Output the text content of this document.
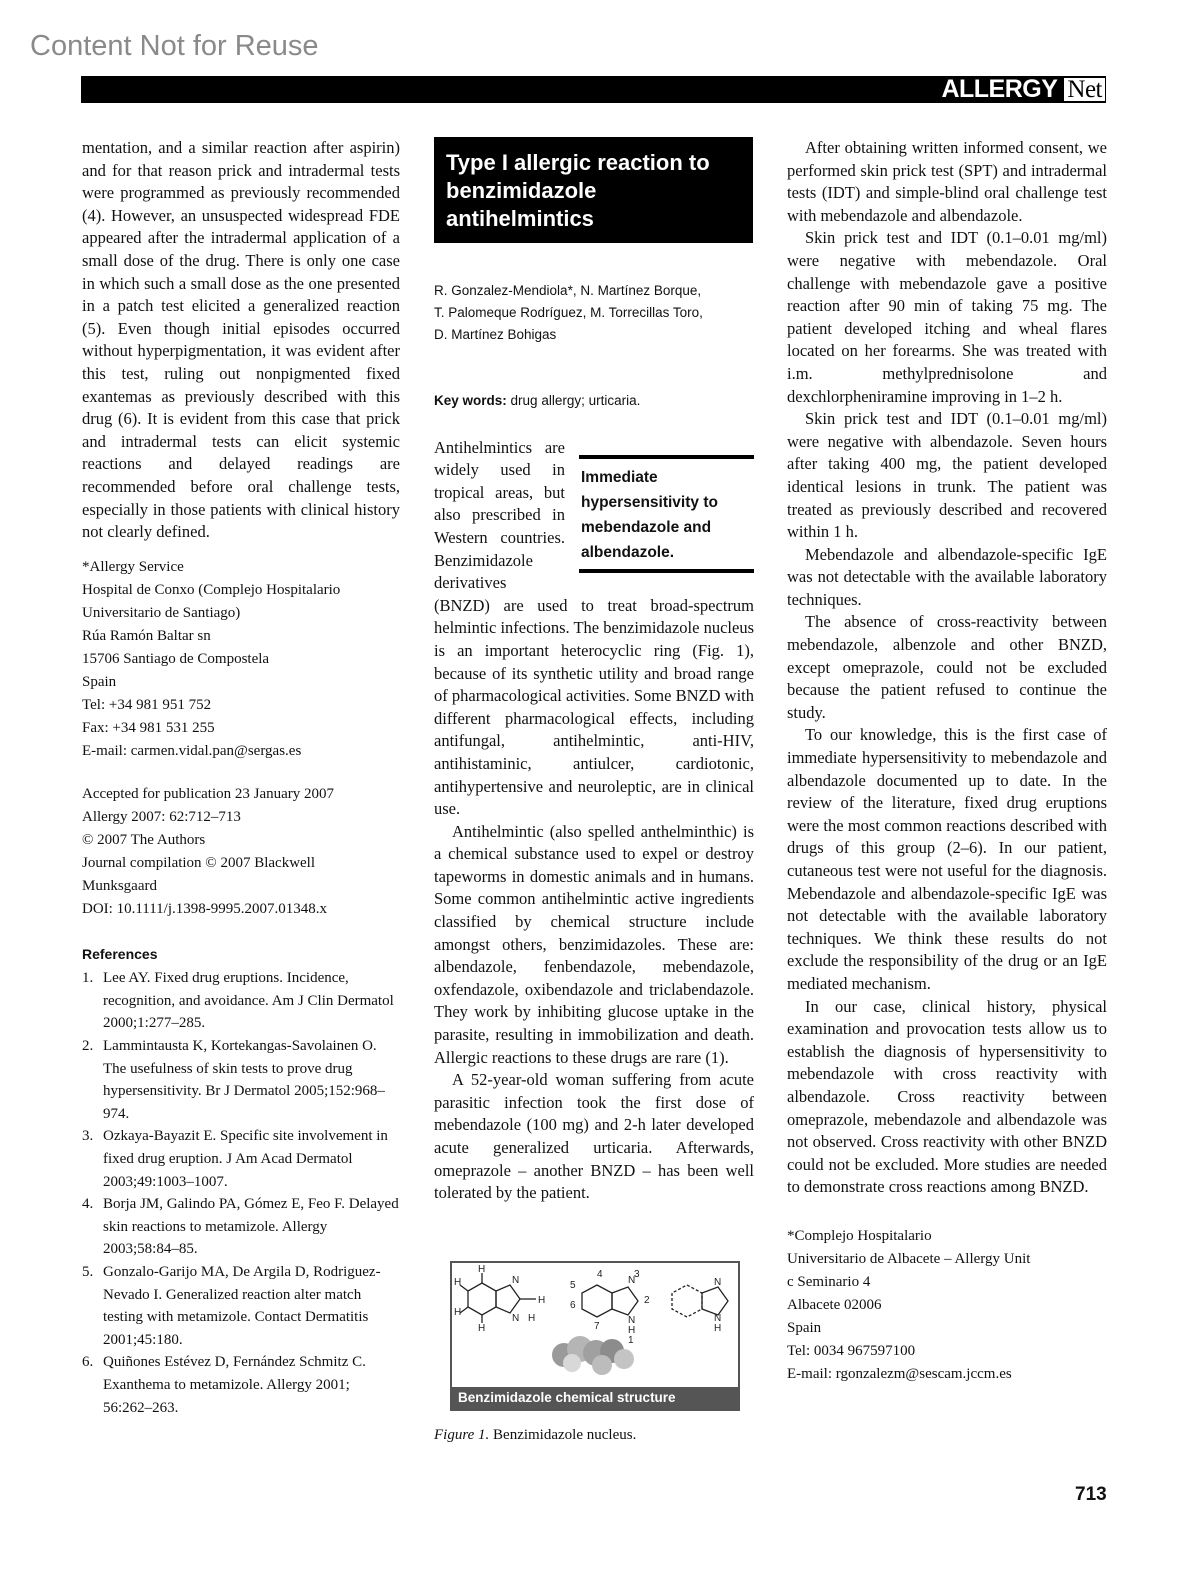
Content Not for Reuse
ALLERGY Net

mentation, and a similar reaction after aspirin) and for that reason prick and intradermal tests were programmed as previously recommended (4). However, an unsuspected widespread FDE appeared after the intradermal application of a small dose of the drug. There is only one case in which such a small dose as the one presented in a patch test elicited a generalized reaction (5). Even though initial episodes occurred without hyperpigmentation, it was evident after this test, ruling out nonpigmented fixed exantemas as previously described with this drug (6). It is evident from this case that prick and intradermal tests can elicit systemic reactions and delayed readings are recommended before oral challenge tests, especially in those patients with clinical history not clearly defined.

*Allergy Service
Hospital de Conxo (Complejo Hospitalario
Universitario de Santiago)
Rúa Ramón Baltar sn
15706 Santiago de Compostela
Spain
Tel: +34 981 951 752
Fax: +34 981 531 255
E-mail: carmen.vidal.pan@sergas.es
Accepted for publication 23 January 2007
Allergy 2007: 62:712–713
© 2007 The Authors
Journal compilation © 2007 Blackwell
Munksgaard
DOI: 10.1111/j.1398-9995.2007.01348.x
References
1. Lee AY. Fixed drug eruptions. Incidence, recognition, and avoidance. Am J Clin Dermatol 2000;1:277–285.
2. Lammintausta K, Kortekangas-Savolainen O. The usefulness of skin tests to prove drug hypersensitivity. Br J Dermatol 2005;152:968–974.
3. Ozkaya-Bayazit E. Specific site involvement in fixed drug eruption. J Am Acad Dermatol 2003;49:1003–1007.
4. Borja JM, Galindo PA, Gómez E, Feo F. Delayed skin reactions to metamizole. Allergy 2003;58:84–85.
5. Gonzalo-Garijo MA, De Argila D, Rodriguez-Nevado I. Generalized reaction alter match testing with metamizole. Contact Dermatitis 2001;45:180.
6. Quiñones Estévez D, Fernández Schmitz C. Exanthema to metamizole. Allergy 2001; 56:262–263.
Type I allergic reaction to benzimidazole antihelmintics
R. Gonzalez-Mendiola*, N. Martínez Borque,
T. Palomeque Rodríguez, M. Torrecillas Toro,
D. Martínez Bohigas
Key words: drug allergy; urticaria.
Immediate hypersensitivity to mebendazole and albendazole.

Antihelmintics are widely used in tropical areas, but also prescribed in Western countries. Benzimidazole derivatives (BNZD) are used to treat broad-spectrum helmintic infections. The benzimidazole nucleus is an important heterocyclic ring (Fig. 1), because of its synthetic utility and broad range of pharmacological activities. Some BNZD with different pharmacological effects, including antifungal, antihelmintic, anti-HIV, antihistaminic, antiulcer, cardiotonic, antihypertensive and neuroleptic, are in clinical use.

Antihelmintic (also spelled anthelminthic) is a chemical substance used to expel or destroy tapeworms in domestic animals and in humans. Some common antihelmintic active ingredients classified by chemical structure include amongst others, benzimidazoles. These are: albendazole, fenbendazole, mebendazole, oxfendazole, oxibendazole and triclabendazole. They work by inhibiting glucose uptake in the parasite, resulting in immobilization and death. Allergic reactions to these drugs are rare (1).

A 52-year-old woman suffering from acute parasitic infection took the first dose of mebendazole (100 mg) and 2-h later developed acute generalized urticaria. Afterwards, omeprazole – another BNZD – has been well tolerated by the patient.

H
H
H
H
N
N
H
H
4	3
5
6
7
N
2
N
H
1
N
N
H
Benzimidazole chemical structure
Figure 1. Benzimidazole nucleus.

After obtaining written informed consent, we performed skin prick test (SPT) and intradermal tests (IDT) and simple-blind oral challenge test with mebendazole and albendazole.

Skin prick test and IDT (0.1–0.01 mg/ml) were negative with mebendazole. Oral challenge with mebendazole gave a positive reaction after 90 min of taking 75 mg. The patient developed itching and wheal flares located on her forearms. She was treated with i.m. methylprednisolone and dexchlorpheniramine improving in 1–2 h.

Skin prick test and IDT (0.1–0.01 mg/ml) were negative with albendazole. Seven hours after taking 400 mg, the patient developed identical lesions in trunk. The patient was treated as previously described and recovered within 1 h.

Mebendazole and albendazole-specific IgE was not detectable with the available laboratory techniques.

The absence of cross-reactivity between mebendazole, albenzole and other BNZD, except omeprazole, could not be excluded because the patient refused to continue the study.

To our knowledge, this is the first case of immediate hypersensitivity to mebendazole and albendazole documented up to date. In the review of the literature, fixed drug eruptions were the most common reactions described with drugs of this group (2–6). In our patient, cutaneous test were not useful for the diagnosis. Mebendazole and albendazole-specific IgE was not detectable with the available laboratory techniques. We think these results do not exclude the responsibility of the drug or an IgE mediated mechanism.

In our case, clinical history, physical examination and provocation tests allow us to establish the diagnosis of hypersensitivity to mebendazole with cross reactivity with albendazole. Cross reactivity between omeprazole, mebendazole and albendazole was not observed. Cross reactivity with other BNZD could not be excluded. More studies are needed to demonstrate cross reactions among BNZD.

*Complejo Hospitalario
Universitario de Albacete – Allergy Unit
c Seminario 4
Albacete 02006
Spain
Tel: 0034 967597100
E-mail: rgonzalezm@sescam.jccm.es
713
